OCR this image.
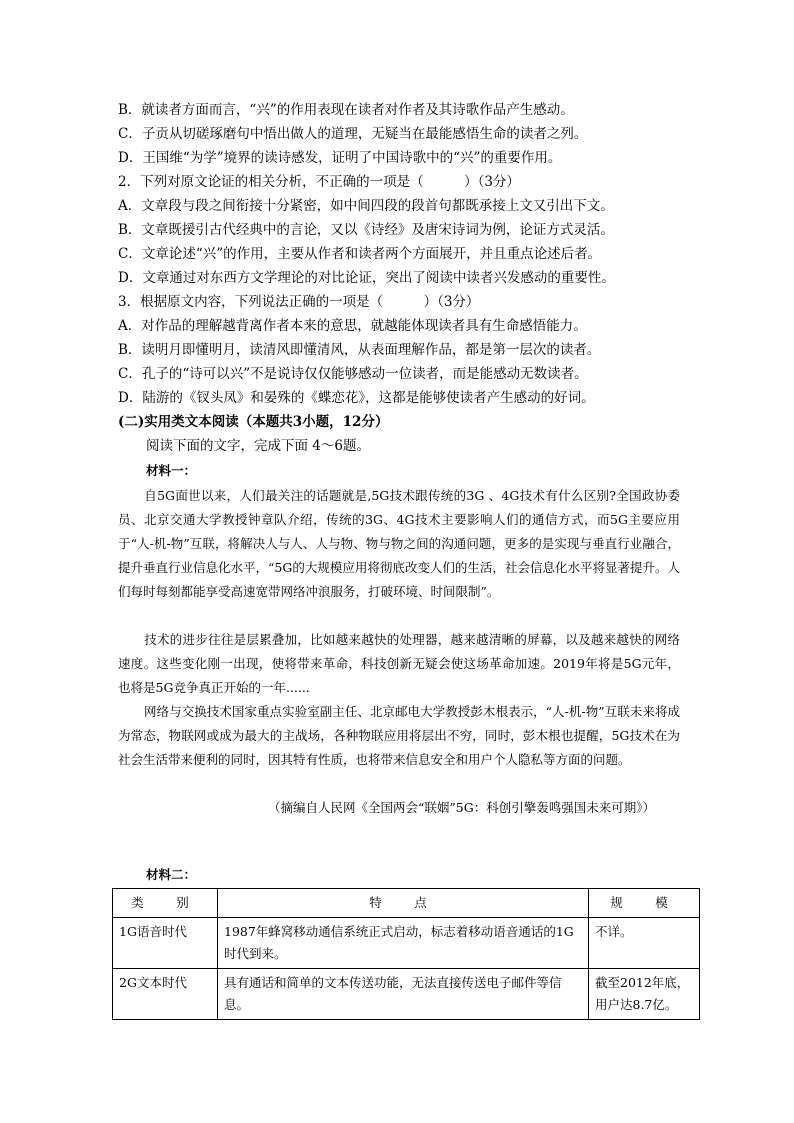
B．就读者方面而言，“兴”的作用表现在读者对作者及其诗歌作品产生感动。
C．子贡从切磋琢磨句中悟出做人的道理，无疑当在最能感悟生命的读者之列。
D．王国维“为学”境界的读诗感发，证明了中国诗歌中的“兴”的重要作用。
2．下列对原文论证的相关分析，不正确的一项是（　　　）（3分）
A．文章段与段之间衔接十分紧密，如中间四段的段首句都既承接上文又引出下文。
B．文章既援引古代经典中的言论，又以《诗经》及唐宋诗词为例，论证方式灵活。
C．文章论述“兴”的作用，主要从作者和读者两个方面展开，并且重点论述后者。
D．文章通过对东西方文学理论的对比论证，突出了阅读中读者兴发感动的重要性。
3．根据原文内容，下列说法正确的一项是（　　　）（3分）
A．对作品的理解越背离作者本来的意思，就越能体现读者具有生命感悟能力。
B．读明月即懂明月，读清风即懂清风，从表面理解作品，都是第一层次的读者。
C．孔子的“诗可以兴”不是说诗仅仅能够感动一位读者，而是能感动无数读者。
D．陆游的《钗头凤》和晏殊的《蝶恋花》，这都是能够使读者产生感动的好词。
(二)实用类文本阅读（本题共3小题，12分）
阅读下面的文字，完成下面 4～6题。
材料一：
自5G面世以来，人们最关注的话题就是,5G技术跟传统的3G 、4G技术有什么区别?全国政协委员、北京交通大学教授钟章队介绍，传统的3G、4G技术主要影响人们的通信方式，而5G主要应用于“人-机-物”互联，将解决人与人、人与物、物与物之间的沟通问题，更多的是实现与垂直行业融合，提升垂直行业信息化水平，“5G的大规模应用将彻底改变人们的生活，社会信息化水平将显著提升。人们每时每刻都能享受高速宽带网络冲浪服务，打破环境、时间限制”。
技术的进步往往是层累叠加，比如越来越快的处理器，越来越清晰的屏幕，以及越来越快的网络速度。这些变化刚一出现，使将带来革命，科技创新无疑会使这场革命加速。2019年将是5G元年，也将是5G竞争真正开始的一年......
网络与交换技术国家重点实验室副主任、北京邮电大学教授彭木根表示，“人-机-物”互联未来将成为常态，物联网或成为最大的主战场，各种物联应用将层出不穷，同时，彭木根也提醒，5G技术在为社会生活带来便利的同时，因其特有性质，也将带来信息安全和用户个人隐私等方面的问题。
（摘编自人民网《全国两会“联姻”5G：科创引擎轰鸣强国未来可期》）
材料二：
类　别	特　点	规　模
1G语音时代	1987年蜂窝移动通信系统正式启动，标志着移动语音通话的1G时代到来。	不详。
2G文本时代	具有通话和简单的文本传送功能，无法直接传送电子邮件等信息。	截至2012年底，用户达8.7亿。
